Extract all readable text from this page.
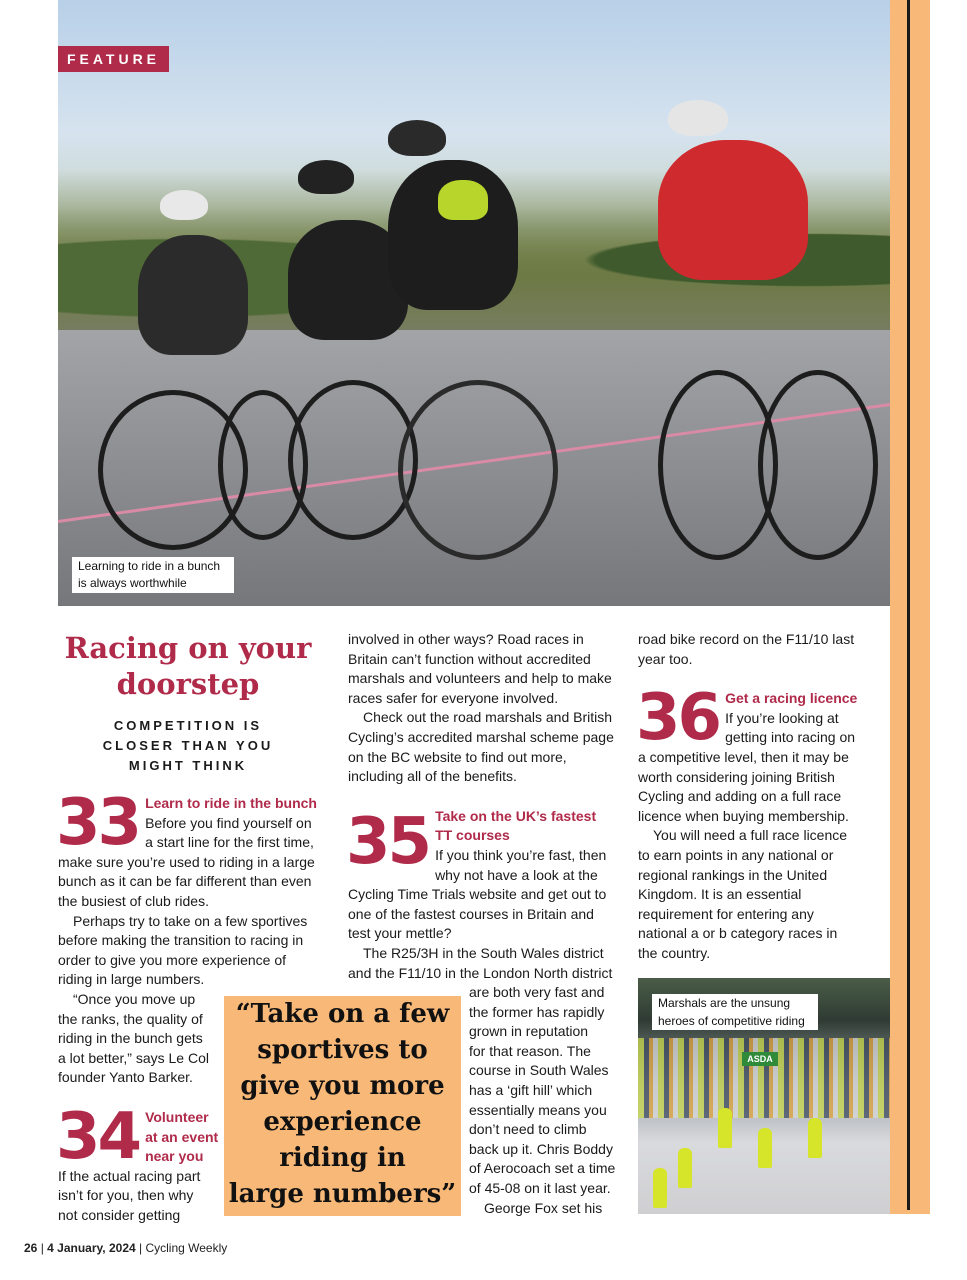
FEATURE
Learning to ride in a bunch
is always worthwhile
Racing on your
doorstep
COMPETITION IS
CLOSER THAN YOU
MIGHT THINK
33 Learn to ride in the bunch

Before you find yourself on a start line for the first time, make sure you’re used to riding in a large bunch as it can be far different than even the busiest of club rides.

Perhaps try to take on a few sportives before making the transition to racing in order to give you more experience of riding in large numbers.

“Once you move up
the ranks, the quality of
riding in the bunch gets
a lot better,” says Le Col
founder Yanto Barker.
34 Volunteer
at an event
near you
If the actual racing part
isn’t for you, then why
not consider getting

involved in other ways? Road races in Britain can’t function without accredited marshals and volunteers and help to make races safer for everyone involved.

Check out the road marshals and British Cycling’s accredited marshal scheme page on the BC website to find out more, including all of the benefits.

35 Take on the UK’s fastest
TT courses

If you think you’re fast, then why not have a look at the Cycling Time Trials website and get out to one of the fastest courses in Britain and test your mettle?

The R25/3H in the South Wales district and the F11/10 in the London North district

are both very fast and
the former has rapidly
grown in reputation
for that reason. The
course in South Wales
has a ‘gift hill’ which
essentially means you
don’t need to climb
back up it. Chris Boddy
of Aerocoach set a time
of 45-08 on it last year.
George Fox set his

road bike record on the F11/10 last year too.

36 Get a racing licence

If you’re looking at getting into racing on a competitive level, then it may be worth considering joining British Cycling and adding on a full race licence when buying membership.

You will need a full race licence to earn points in any national or regional rankings in the United Kingdom. It is an essential requirement for entering any national a or b category races in the country.

“Take on a few
sportives to
give you more
experience
riding in
large numbers”
ASDA
Marshals are the unsung
heroes of competitive riding
26 | 4 January, 2024 | Cycling Weekly
